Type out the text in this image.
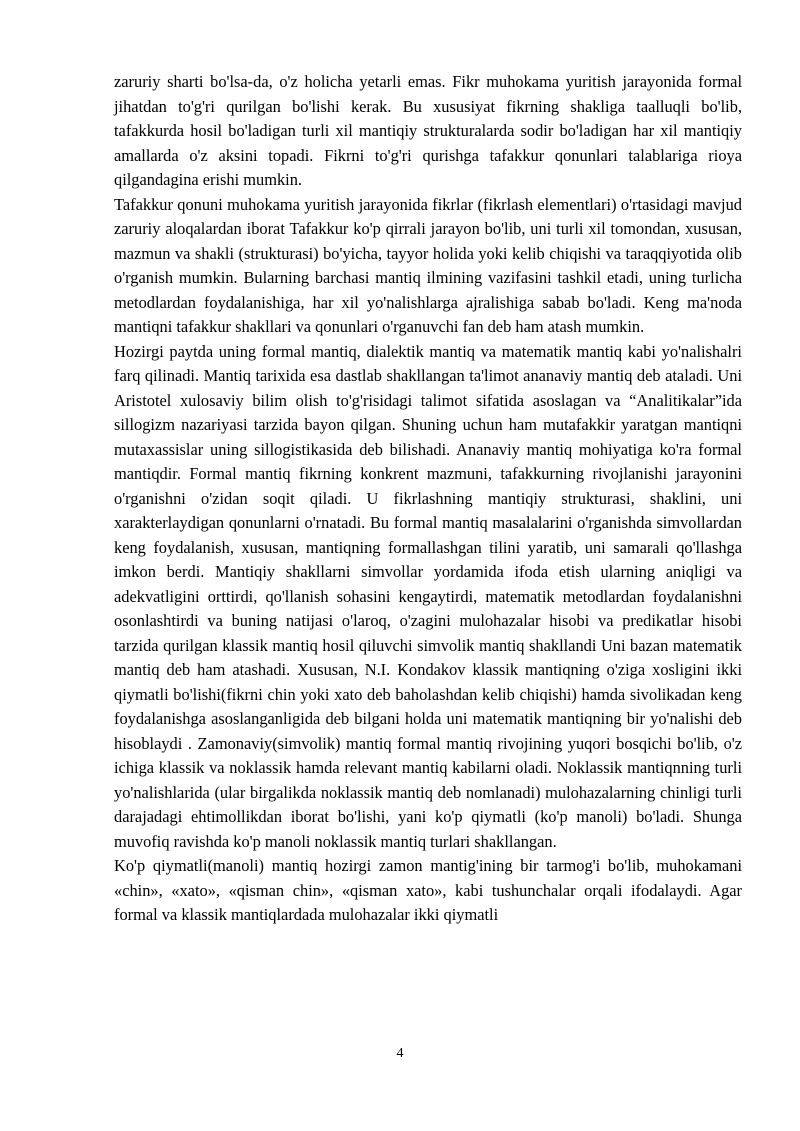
zaruriy sharti bo'lsa-da, o'z holicha yetarli emas. Fikr muhokama yuritish jarayonida formal jihatdan to'g'ri qurilgan bo'lishi kerak. Bu xususiyat fikrning shakliga taalluqli bo'lib, tafakkurda hosil bo'ladigan turli xil mantiqiy strukturalarda sodir bo'ladigan har xil mantiqiy amallarda o'z aksini topadi. Fikrni to'g'ri qurishga tafakkur qonunlari talablariga rioya qilgandagina erishi mumkin.

Tafakkur qonuni muhokama yuritish jarayonida fikrlar (fikrlash elementlari) o'rtasidagi mavjud zaruriy aloqalardan iborat Tafakkur ko'p qirrali jarayon bo'lib, uni turli xil tomondan, xususan, mazmun va shakli (strukturasi) bo'yicha, tayyor holida yoki kelib chiqishi va taraqqiyotida olib o'rganish mumkin. Bularning barchasi mantiq ilmining vazifasini tashkil etadi, uning turlicha metodlardan foydalanishiga, har xil yo'nalishlarga ajralishiga sabab bo'ladi. Keng ma'noda mantiqni tafakkur shakllari va qonunlari o'rganuvchi fan deb ham atash mumkin.

Hozirgi paytda uning formal mantiq, dialektik mantiq va matematik mantiq kabi yo'nalishalri farq qilinadi. Mantiq tarixida esa dastlab shakllangan ta'limot ananaviy mantiq deb ataladi. Uni Aristotel xulosaviy bilim olish to'g'risidagi talimot sifatida asoslagan va “Analitikalar”ida sillogizm nazariyasi tarzida bayon qilgan. Shuning uchun ham mutafakkir yaratgan mantiqni mutaxassislar uning sillogistikasida deb bilishadi. Ananaviy mantiq mohiyatiga ko'ra formal mantiqdir. Formal mantiq fikrning konkrent mazmuni, tafakkurning rivojlanishi jarayonini o'rganishni o'zidan soqit qiladi. U fikrlashning mantiqiy strukturasi, shaklini, uni xarakterlaydigan qonunlarni o'rnatadi. Bu formal mantiq masalalarini o'rganishda simvollardan keng foydalanish, xususan, mantiqning formallashgan tilini yaratib, uni samarali qo'llashga imkon berdi. Mantiqiy shakllarni simvollar yordamida ifoda etish ularning aniqligi va adekvatligini orttirdi, qo'llanish sohasini kengaytirdi, matematik metodlardan foydalanishni osonlashtirdi va buning natijasi o'laroq, o'zagini mulohazalar hisobi va predikatlar hisobi tarzida qurilgan klassik mantiq hosil qiluvchi simvolik mantiq shakllandi Uni bazan matematik mantiq deb ham atashadi. Xususan, N.I. Kondakov klassik mantiqning o'ziga xosligini ikki qiymatli bo'lishi(fikrni chin yoki xato deb baholashdan kelib chiqishi) hamda sivolikadan keng foydalanishga asoslanganligida deb bilgani holda uni matematik mantiqning bir yo'nalishi deb hisoblaydi . Zamonaviy(simvolik) mantiq formal mantiq rivojining yuqori bosqichi bo'lib, o'z ichiga klassik va noklassik hamda relevant mantiq kabilarni oladi. Noklassik mantiqnning turli yo'nalishlarida (ular birgalikda noklassik mantiq deb nomlanadi) mulohazalarning chinligi turli darajadagi ehtimollikdan iborat bo'lishi, yani ko'p qiymatli (ko'p manoli) bo'ladi. Shunga muvofiq ravishda ko'p manoli noklassik mantiq turlari shakllangan.

Ko'p qiymatli(manoli) mantiq hozirgi zamon mantig'ining bir tarmog'i bo'lib, muhokamani «chin», «xato», «qisman chin», «qisman xato», kabi tushunchalar orqali ifodalaydi. Agar formal va klassik mantiqlardada mulohazalar ikki qiymatli

4
